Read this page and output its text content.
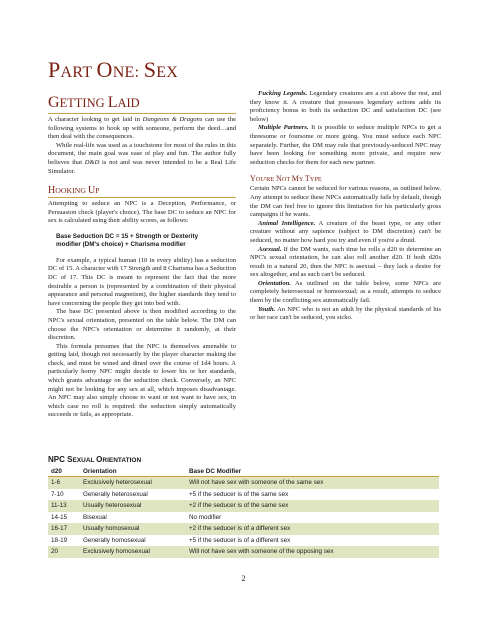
PART ONE: SEX
GETTING LAID

A character looking to get laid in Dungeons & Dragons can use the following systems to hook up with someone, perform the deed…and then deal with the consequences.

While real-life was used as a touchstone for most of the rules in this document, the main goal was ease of play and fun. The author fully believes that D&D is not and was never intended to be a Real Life Simulator.

HOOKING UP

Attempting to seduce an NPC is a Deception, Performance, or Persuasion check (player's choice). The base DC to seduce an NPC for sex is calculated using their ability scores, as follows:

Base Seduction DC = 15 + Strength or Dexterity
modifier (DM's choice) + Charisma modifier

For example, a typical human (10 in every ability) has a seduction DC of 15. A character with 17 Strength and 8 Charisma has a Seduction DC of 17. This DC is meant to represent the fact that the more desirable a person is (represented by a combination of their physical appearance and personal magnetism), the higher standards they tend to have concerning the people they get into bed with.

The base DC presented above is then modified according to the NPC's sexual orientation, presented on the table below. The DM can choose the NPC's orientation or determine it randomly, at their discretion.

This formula presumes that the NPC is themselves amenable to getting laid, though not necessarily by the player character making the check, and must be wined and dined over the course of 1d4 hours. A particularly horny NPC might decide to lower his or her standards, which grants advantage on the seduction check. Conversely, an NPC might not be looking for any sex at all, which imposes disadvantage. An NPC may also simply choose to want or not want to have sex, in which case no roll is required: the seduction simply automatically succeeds or fails, as appropriate.

Fucking Legends. Legendary creatures are a cut above the rest, and they know it. A creature that possesses legendary actions adds its proficiency bonus to both its seduction DC and satisfaction DC (see below)

Multiple Partners. It is possible to seduce multiple NPCs to get a threesome or foursome or more going. You must seduce each NPC separately. Further, the DM may rule that previously-seduced NPC may have been looking for something more private, and require new seduction checks for them for each new partner.

YOU'RE NOT MY TYPE

Certain NPCs cannot be seduced for various reasons, as outlined below. Any attempt to seduce these NPCs automatically fails by default, though the DM can feel free to ignore this limitation for his particularly gross campaigns if he wants.

Animal Intelligence. A creature of the beast type, or any other creature without any sapience (subject to DM discretion) can't be seduced, no matter how hard you try and even if you're a druid.

Asexual. If the DM wants, each time he rolls a d20 to determine an NPC's sexual orientation, he can also roll another d20. If both d20s result in a natural 20, then the NPC is asexual – they lack a desire for sex altogether, and as such can't be seduced.

Orientation. As outlined on the table below, some NPCs are completely heterosexual or homosexual; as a result, attempts to seduce them by the conflicting sex automatically fail.

Youth. An NPC who is not an adult by the physical standards of his or her race can't be seduced, you sicko.

NPC SEXUAL ORIENTATION
d20	Orientation	Base DC Modifier
1-6	Exclusively heterosexual	Will not have sex with someone of the same sex
7-10	Generally heterosexual	+5 if the seducer is of the same sex
11-13	Usually heterosexual	+2 if the seducer is of the same sex
14-15	Bisexual	No modifier
16-17	Usually homosexual	+2 if the seducer is of a different sex
18-19	Generally homosexual	+5 if the seducer is of a different sex
20	Exclusively homosexual	Will not have sex with someone of the opposing sex
2
